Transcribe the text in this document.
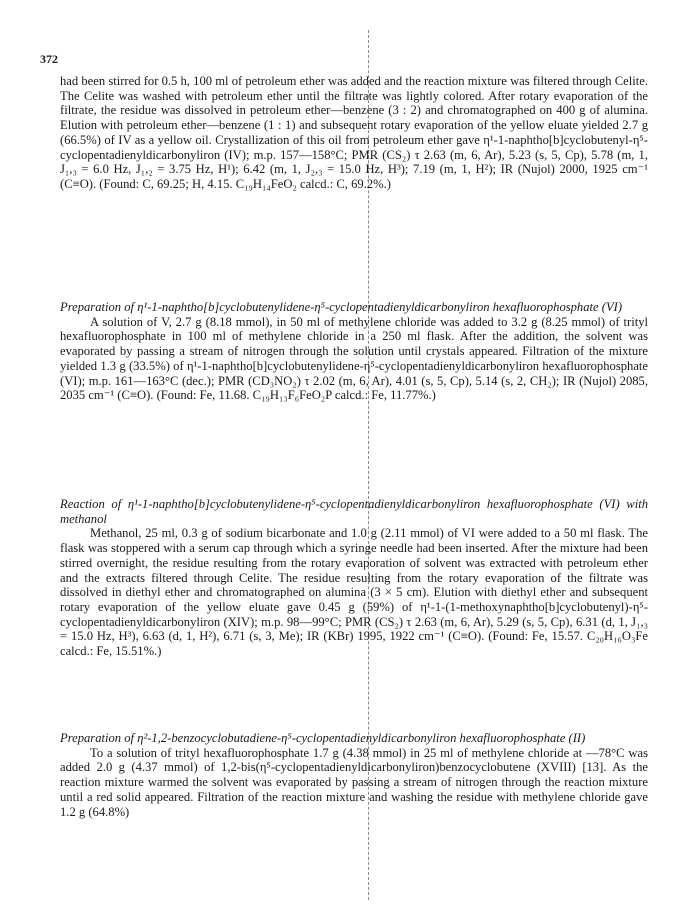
372

had been stirred for 0.5 h, 100 ml of petroleum ether was added and the reaction mixture was filtered through Celite. The Celite was washed with petroleum ether until the filtrate was lightly colored. After rotary evaporation of the filtrate, the residue was dissolved in petroleum ether—benzene (3 : 2) and chromatographed on 400 g of alumina. Elution with petroleum ether—benzene (1 : 1) and subsequent rotary evaporation of the yellow eluate yielded 2.7 g (66.5%) of IV as a yellow oil. Crystallization of this oil from petroleum ether gave η¹-1-naphtho[b]cyclobutenyl-η⁵-cyclopentadienyldicarbonyliron (IV); m.p. 157—158°C; PMR (CS₂) τ 2.63 (m, 6, Ar), 5.23 (s, 5, Cp), 5.78 (m, 1, J₁,₃ = 6.0 Hz, J₁,₂ = 3.75 Hz, H¹); 6.42 (m, 1, J₂,₃ = 15.0 Hz, H³); 7.19 (m, 1, H²); IR (Nujol) 2000, 1925 cm⁻¹ (C≡O). (Found: C, 69.25; H, 4.15. C₁₉H₁₄FeO₂ calcd.: C, 69.2%.)

Preparation of η¹-1-naphtho[b]cyclobutenylidene-η⁵-cyclopentadienyldicarbonyliron hexafluorophosphate (VI)

A solution of V, 2.7 g (8.18 mmol), in 50 ml of methylene chloride was added to 3.2 g (8.25 mmol) of trityl hexafluorophosphate in 100 ml of methylene chloride in a 250 ml flask. After the addition, the solvent was evaporated by passing a stream of nitrogen through the solution until crystals appeared. Filtration of the mixture yielded 1.3 g (33.5%) of η¹-1-naphtho[b]cyclobutenylidene-η⁵-cyclopentadienyldicarbonyliron hexafluorophosphate (VI); m.p. 161—163°C (dec.); PMR (CD₃NO₂) τ 2.02 (m, 6, Ar), 4.01 (s, 5, Cp), 5.14 (s, 2, CH₂); IR (Nujol) 2085, 2035 cm⁻¹ (C≡O). (Found: Fe, 11.68. C₁₉H₁₃F₆FeO₂P calcd.: Fe, 11.77%.)

Reaction of η¹-1-naphtho[b]cyclobutenylidene-η⁵-cyclopentadienyldicarbonyliron hexafluorophosphate (VI) with methanol

Methanol, 25 ml, 0.3 g of sodium bicarbonate and 1.0 g (2.11 mmol) of VI were added to a 50 ml flask. The flask was stoppered with a serum cap through which a syringe needle had been inserted. After the mixture had been stirred overnight, the residue resulting from the rotary evaporation of solvent was extracted with petroleum ether and the extracts filtered through Celite. The residue resulting from the rotary evaporation of the filtrate was dissolved in diethyl ether and chromatographed on alumina (3 × 5 cm). Elution with diethyl ether and subsequent rotary evaporation of the yellow eluate gave 0.45 g (59%) of η¹-1-(1-methoxynaphtho[b]cyclobutenyl)-η⁵-cyclopentadienyldicarbonyliron (XIV); m.p. 98—99°C; PMR (CS₂) τ 2.63 (m, 6, Ar), 5.29 (s, 5, Cp), 6.31 (d, 1, J₁,₃ = 15.0 Hz, H³), 6.63 (d, 1, H²), 6.71 (s, 3, Me); IR (KBr) 1995, 1922 cm⁻¹ (C≡O). (Found: Fe, 15.57. C₂₀H₁₆O₃Fe calcd.: Fe, 15.51%.)

Preparation of η²-1,2-benzocyclobutadiene-η⁵-cyclopentadienyldicarbonyliron hexafluorophosphate (II)

To a solution of trityl hexafluorophosphate 1.7 g (4.38 mmol) in 25 ml of methylene chloride at —78°C was added 2.0 g (4.37 mmol) of 1,2-bis(η⁵-cyclopentadienyldicarbonyliron)benzocyclobutene (XVIII) [13]. As the reaction mixture warmed the solvent was evaporated by passing a stream of nitrogen through the reaction mixture until a red solid appeared. Filtration of the reaction mixture and washing the residue with methylene chloride gave 1.2 g (64.8%)
